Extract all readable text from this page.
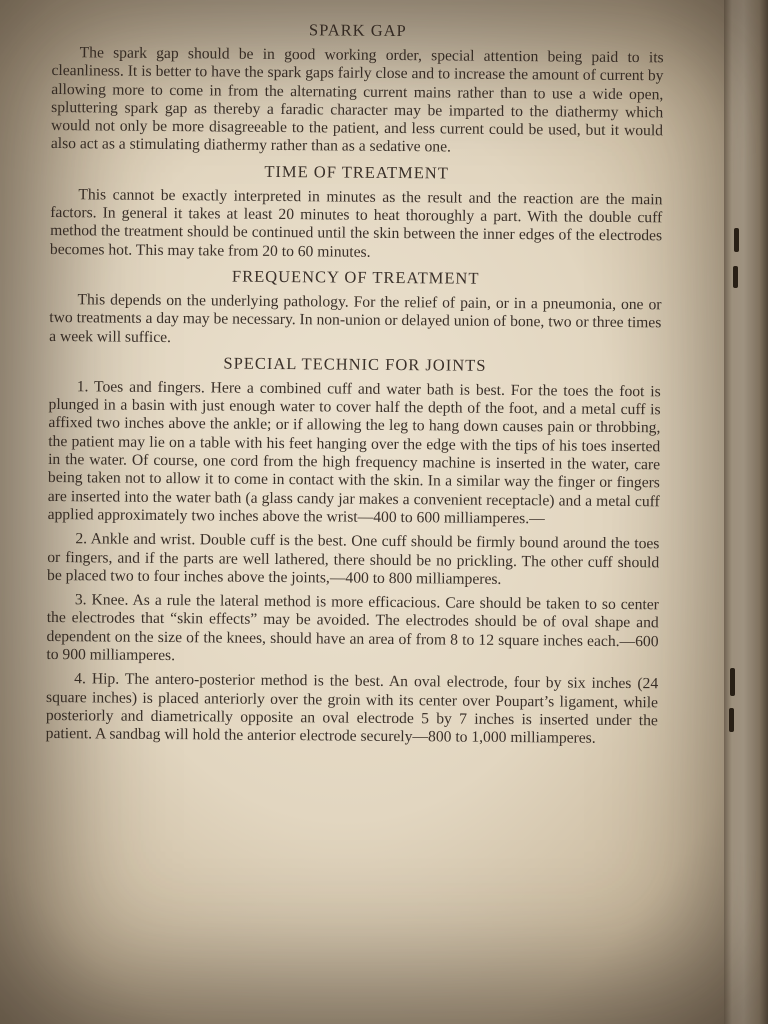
SPARK GAP

The spark gap should be in good working order, special attention being paid to its cleanliness. It is better to have the spark gaps fairly close and to increase the amount of current by allowing more to come in from the alternating current mains rather than to use a wide open, spluttering spark gap as thereby a faradic character may be imparted to the diathermy which would not only be more disagreeable to the patient, and less current could be used, but it would also act as a stimulating diathermy rather than as a sedative one.

TIME OF TREATMENT

This cannot be exactly interpreted in minutes as the result and the reaction are the main factors. In general it takes at least 20 minutes to heat thoroughly a part. With the double cuff method the treatment should be continued until the skin between the inner edges of the electrodes becomes hot. This may take from 20 to 60 minutes.

FREQUENCY OF TREATMENT

This depends on the underlying pathology. For the relief of pain, or in a pneumonia, one or two treatments a day may be necessary. In non-union or delayed union of bone, two or three times a week will suffice.

SPECIAL TECHNIC FOR JOINTS

1. Toes and fingers. Here a combined cuff and water bath is best. For the toes the foot is plunged in a basin with just enough water to cover half the depth of the foot, and a metal cuff is affixed two inches above the ankle; or if allowing the leg to hang down causes pain or throbbing, the patient may lie on a table with his feet hanging over the edge with the tips of his toes inserted in the water. Of course, one cord from the high frequency machine is inserted in the water, care being taken not to allow it to come in contact with the skin. In a similar way the finger or fingers are inserted into the water bath (a glass candy jar makes a convenient receptacle) and a metal cuff applied approximately two inches above the wrist—400 to 600 milliamperes.—

2. Ankle and wrist. Double cuff is the best. One cuff should be firmly bound around the toes or fingers, and if the parts are well lathered, there should be no prickling. The other cuff should be placed two to four inches above the joints,—400 to 800 milliamperes.

3. Knee. As a rule the lateral method is more efficacious. Care should be taken to so center the electrodes that “skin effects” may be avoided. The electrodes should be of oval shape and dependent on the size of the knees, should have an area of from 8 to 12 square inches each.—600 to 900 milliamperes.

4. Hip. The antero-posterior method is the best. An oval electrode, four by six inches (24 square inches) is placed anteriorly over the groin with its center over Poupart’s ligament, while posteriorly and diametrically opposite an oval electrode 5 by 7 inches is inserted under the patient. A sandbag will hold the anterior electrode securely—800 to 1,000 milliamperes.
